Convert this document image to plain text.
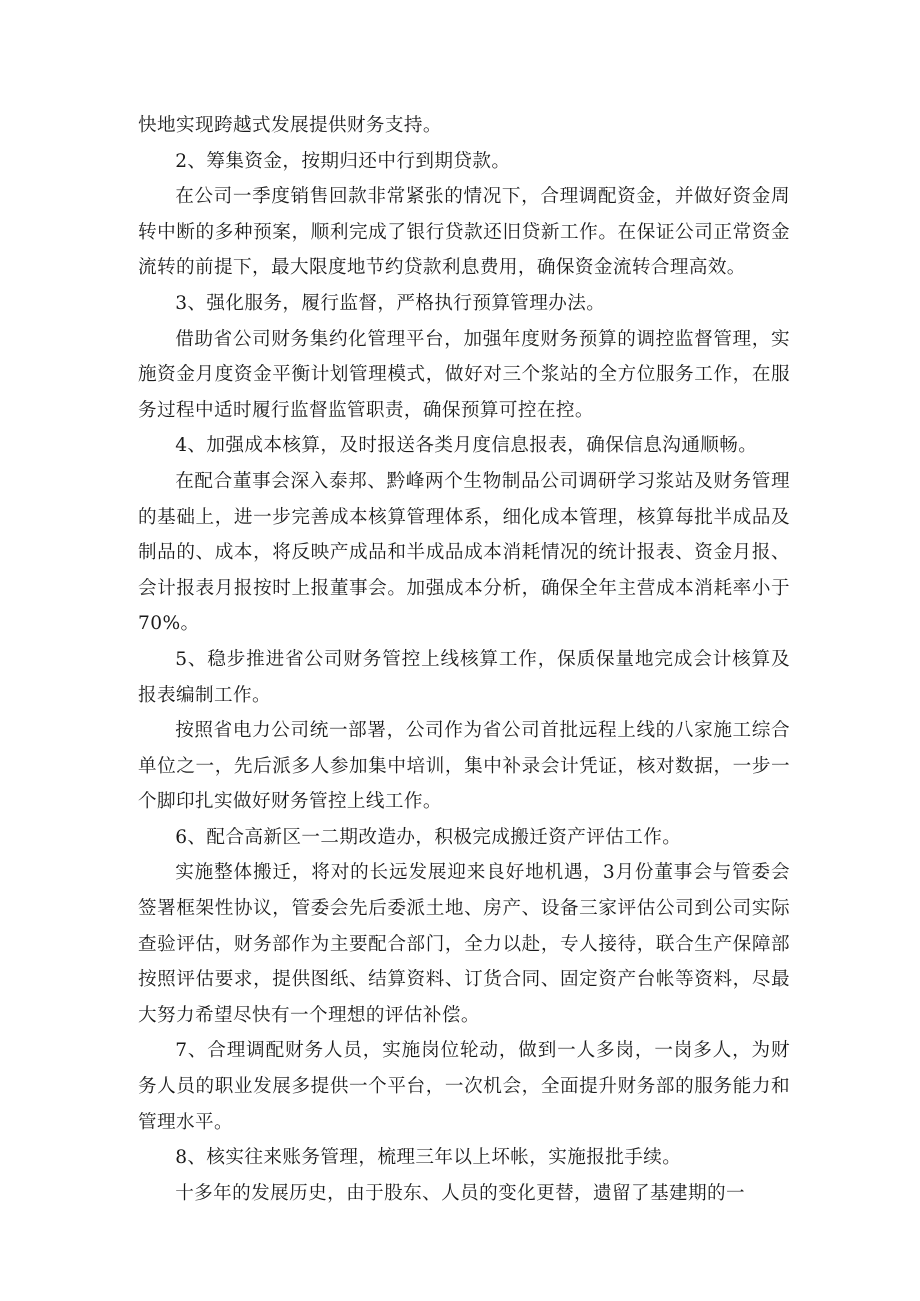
快地实现跨越式发展提供财务支持。

2、筹集资金，按期归还中行到期贷款。

在公司一季度销售回款非常紧张的情况下，合理调配资金，并做好资金周转中断的多种预案，顺利完成了银行贷款还旧贷新工作。在保证公司正常资金流转的前提下，最大限度地节约贷款利息费用，确保资金流转合理高效。

3、强化服务，履行监督，严格执行预算管理办法。

借助省公司财务集约化管理平台，加强年度财务预算的调控监督管理，实施资金月度资金平衡计划管理模式，做好对三个浆站的全方位服务工作，在服务过程中适时履行监督监管职责，确保预算可控在控。

4、加强成本核算，及时报送各类月度信息报表，确保信息沟通顺畅。

在配合董事会深入泰邦、黔峰两个生物制品公司调研学习浆站及财务管理的基础上，进一步完善成本核算管理体系，细化成本管理，核算每批半成品及制品的、成本，将反映产成品和半成品成本消耗情况的统计报表、资金月报、会计报表月报按时上报董事会。加强成本分析，确保全年主营成本消耗率小于70%。

5、稳步推进省公司财务管控上线核算工作，保质保量地完成会计核算及报表编制工作。

按照省电力公司统一部署，公司作为省公司首批远程上线的八家施工综合单位之一，先后派多人参加集中培训，集中补录会计凭证，核对数据，一步一个脚印扎实做好财务管控上线工作。

6、配合高新区一二期改造办，积极完成搬迁资产评估工作。

实施整体搬迁，将对的长远发展迎来良好地机遇，3月份董事会与管委会签署框架性协议，管委会先后委派土地、房产、设备三家评估公司到公司实际查验评估，财务部作为主要配合部门，全力以赴，专人接待，联合生产保障部按照评估要求，提供图纸、结算资料、订货合同、固定资产台帐等资料，尽最大努力希望尽快有一个理想的评估补偿。

7、合理调配财务人员，实施岗位轮动，做到一人多岗，一岗多人，为财务人员的职业发展多提供一个平台，一次机会，全面提升财务部的服务能力和管理水平。

8、核实往来账务管理，梳理三年以上坏帐，实施报批手续。

十多年的发展历史，由于股东、人员的变化更替，遗留了基建期的一
